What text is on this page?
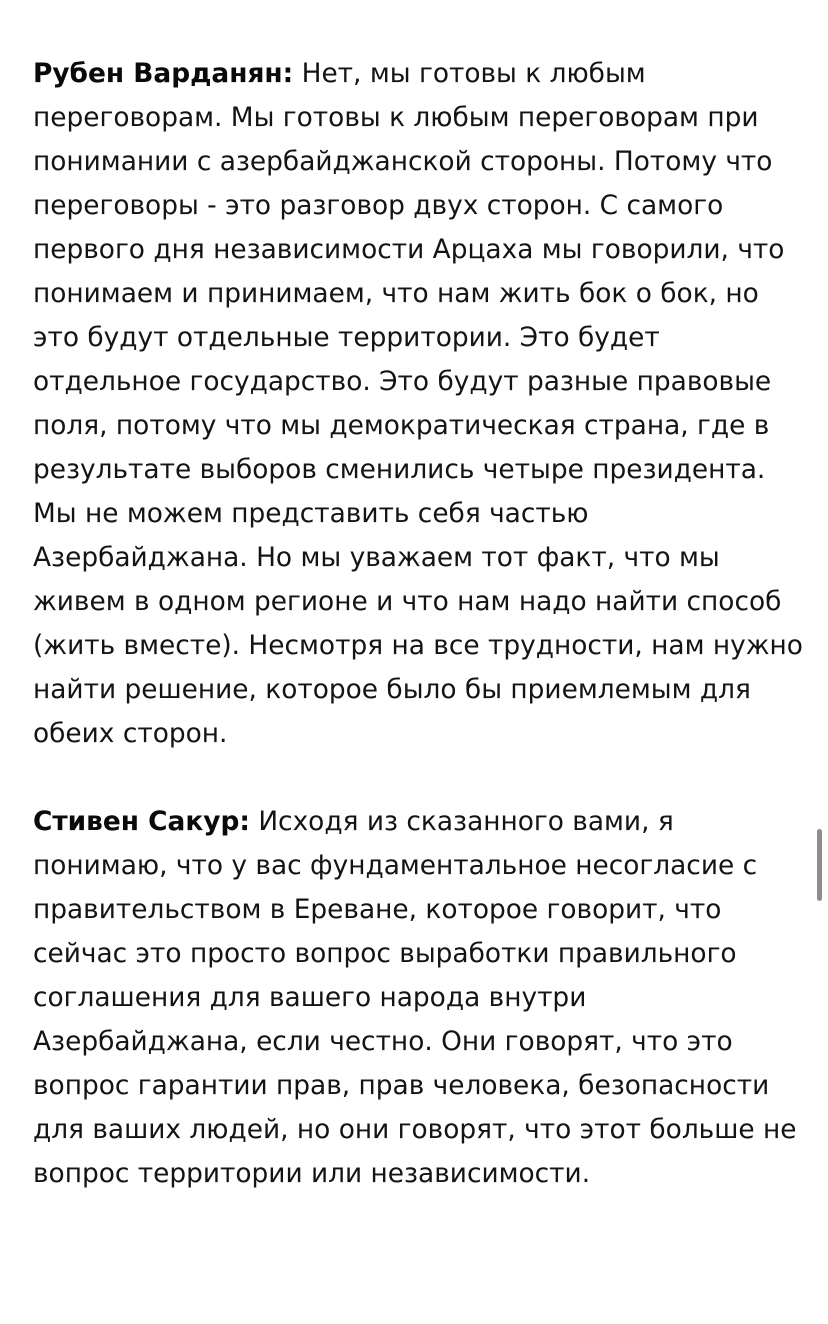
Рубен Варданян: Нет, мы готовы к любым переговорам. Мы готовы к любым переговорам при понимании с азербайджанской стороны. Потому что переговоры - это разговор двух сторон. С самого первого дня независимости Арцаха мы говорили, что понимаем и принимаем, что нам жить бок о бок, но это будут отдельные территории. Это будет отдельное государство. Это будут разные правовые поля, потому что мы демократическая страна, где в результате выборов сменились четыре президента. Мы не можем представить себя частью Азербайджана. Но мы уважаем тот факт, что мы живем в одном регионе и что нам надо найти способ (жить вместе). Несмотря на все трудности, нам нужно найти решение, которое было бы приемлемым для обеих сторон.

Стивен Сакур: Исходя из сказанного вами, я понимаю, что у вас фундаментальное несогласие с правительством в Ереване, которое говорит, что сейчас это просто вопрос выработки правильного соглашения для вашего народа внутри Азербайджана, если честно. Они говорят, что это вопрос гарантии прав, прав человека, безопасности для ваших людей, но они говорят, что этот больше не вопрос территории или независимости.
